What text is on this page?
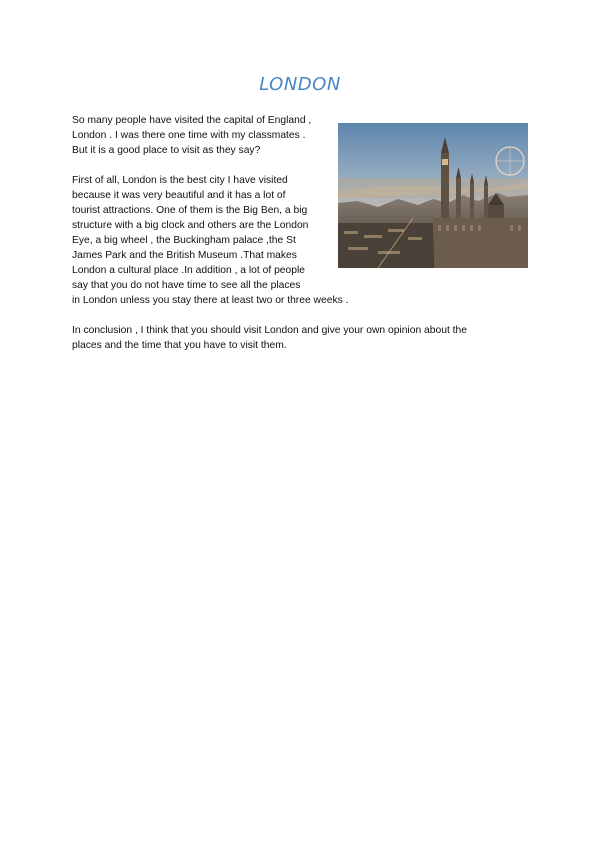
LONDON
So many people have visited the capital of England ,
London . I was there one time with my classmates .
But it is a good place to visit as they say?
First of all, London is the best city I have visited
because it was very beautiful and it has a lot of
tourist attractions. One of them is the Big Ben, a big
structure with a big clock and others are the London
Eye, a big wheel , the Buckingham palace ,the St
James Park and the British Museum .That makes
London a cultural place .In addition , a lot of people
say that you do not have time to see all the places
in London unless you stay there at least two or three weeks .
In conclusion , I think that you should visit London and give your own opinion about the
places and the time that you have to visit them.
